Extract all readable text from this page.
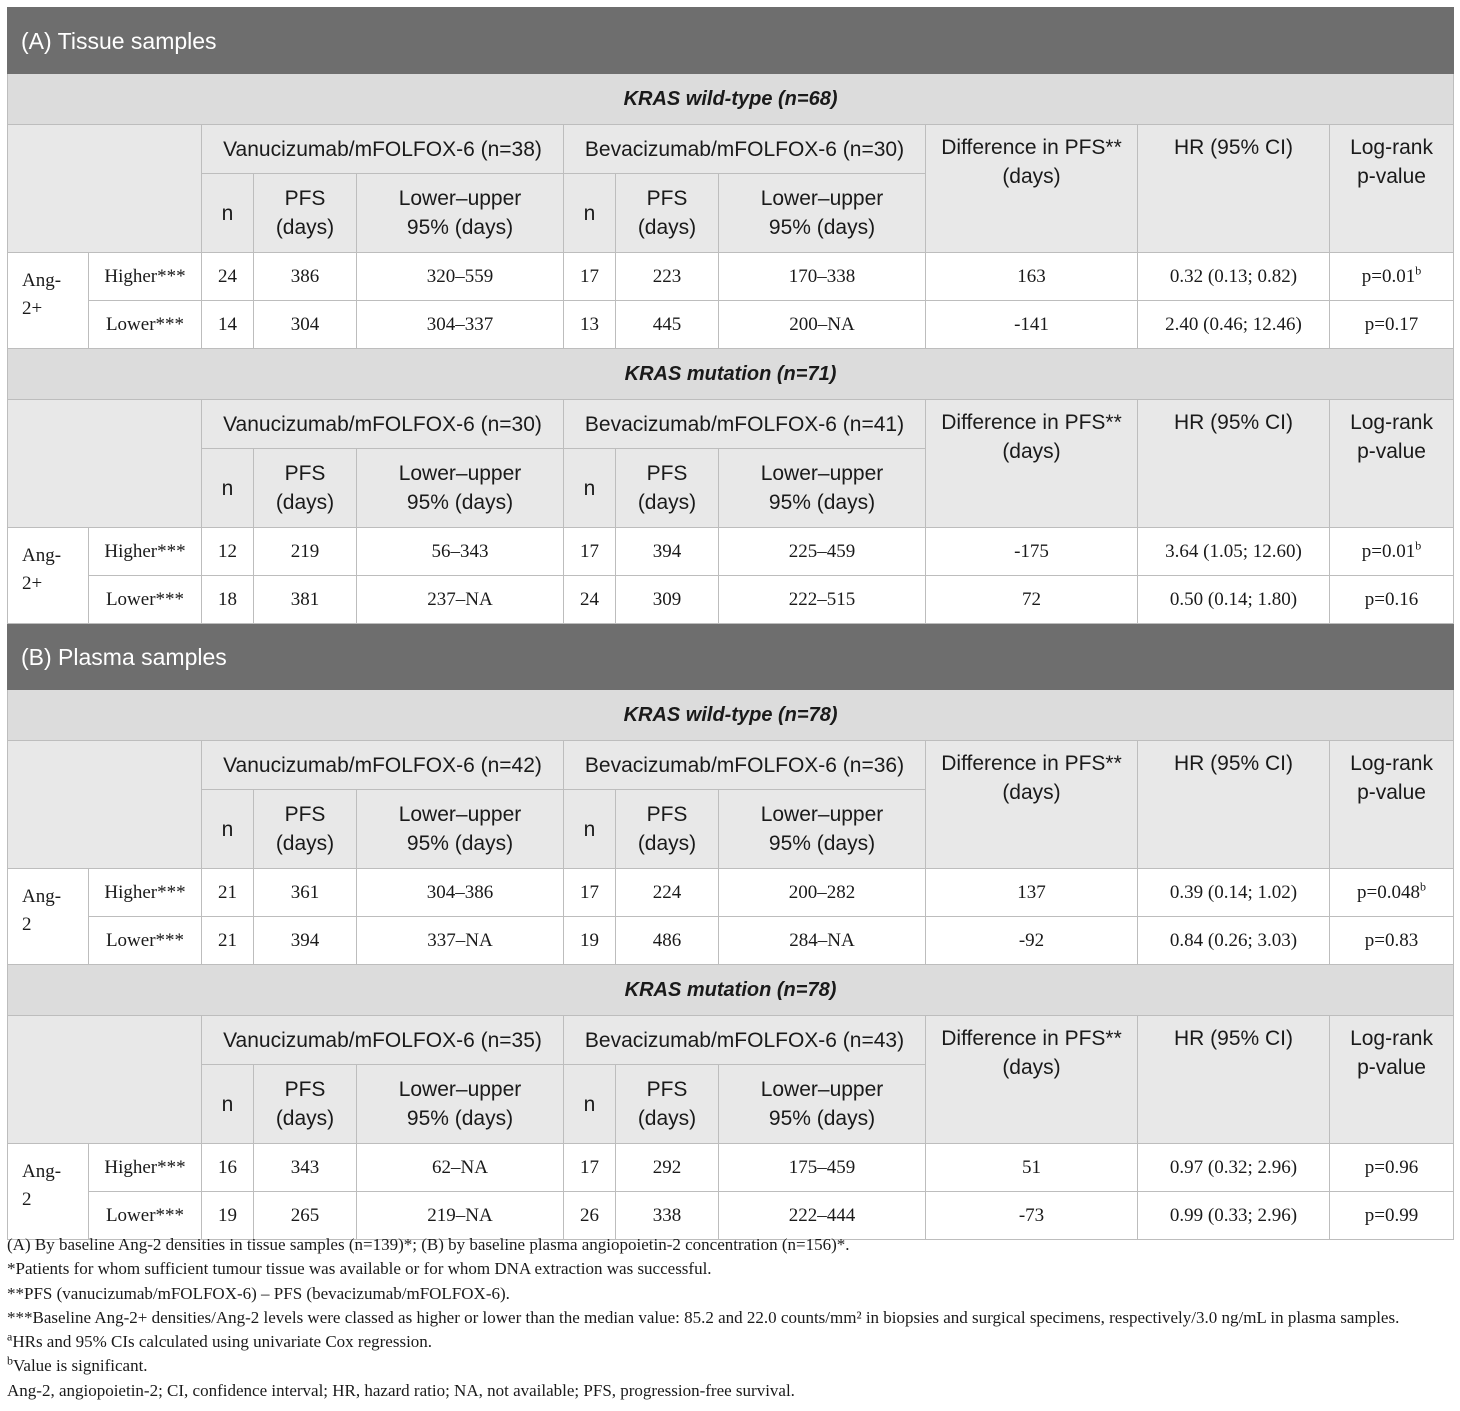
(A) Tissue samples										
KRAS wild-type (n=68)										
		Vanucizumab/mFOLFOX-6 (n=38)			Bevacizumab/mFOLFOX-6 (n=30)			Difference in PFS** (days)	HR (95% CI)	Log-rank p-value
		n	PFS (days)	Lower–upper 95% (days)	n	PFS (days)	Lower–upper 95% (days)			
Ang-2+	Higher***	24	386	320–559	17	223	170–338	163	0.32 (0.13; 0.82)	p=0.01$^b$
	Lower***	14	304	304–337	13	445	200–NA	-141	2.40 (0.46; 12.46)	p=0.17
KRAS mutation (n=71)										
		Vanucizumab/mFOLFOX-6 (n=30)			Bevacizumab/mFOLFOX-6 (n=41)			Difference in PFS** (days)	HR (95% CI)	Log-rank p-value
		n	PFS (days)	Lower–upper 95% (days)	n	PFS (days)	Lower–upper 95% (days)			
Ang-2+	Higher***	12	219	56–343	17	394	225–459	-175	3.64 (1.05; 12.60)	p=0.01$^b$
	Lower***	18	381	237–NA	24	309	222–515	72	0.50 (0.14; 1.80)	p=0.16
(B) Plasma samples										
KRAS wild-type (n=78)										
		Vanucizumab/mFOLFOX-6 (n=42)			Bevacizumab/mFOLFOX-6 (n=36)			Difference in PFS** (days)	HR (95% CI)	Log-rank p-value
		n	PFS (days)	Lower–upper 95% (days)	n	PFS (days)	Lower–upper 95% (days)			
Ang-2	Higher***	21	361	304–386	17	224	200–282	137	0.39 (0.14; 1.02)	p=0.048$^b$
	Lower***	21	394	337–NA	19	486	284–NA	-92	0.84 (0.26; 3.03)	p=0.83
KRAS mutation (n=78)										
		Vanucizumab/mFOLFOX-6 (n=35)			Bevacizumab/mFOLFOX-6 (n=43)			Difference in PFS** (days)	HR (95% CI)	Log-rank p-value
		n	PFS (days)	Lower–upper 95% (days)	n	PFS (days)	Lower–upper 95% (days)			
Ang-2	Higher***	16	343	62–NA	17	292	175–459	51	0.97 (0.32; 2.96)	p=0.96
	Lower***	19	265	219–NA	26	338	222–444	-73	0.99 (0.33; 2.96)	p=0.99
(A) By baseline Ang-2 densities in tissue samples (n=139)*; (B) by baseline plasma angiopoietin-2 concentration (n=156)*.
*Patients for whom sufficient tumour tissue was available or for whom DNA extraction was successful.
**PFS (vanucizumab/mFOLFOX-6) – PFS (bevacizumab/mFOLFOX-6).
***Baseline Ang-2+ densities/Ang-2 levels were classed as higher or lower than the median value: 85.2 and 22.0 counts/mm² in biopsies and surgical specimens, respectively/3.0 ng/mL in plasma samples.
$^a$HRs and 95% CIs calculated using univariate Cox regression.
$^b$Value is significant.
Ang-2, angiopoietin-2; CI, confidence interval; HR, hazard ratio; NA, not available; PFS, progression-free survival.
